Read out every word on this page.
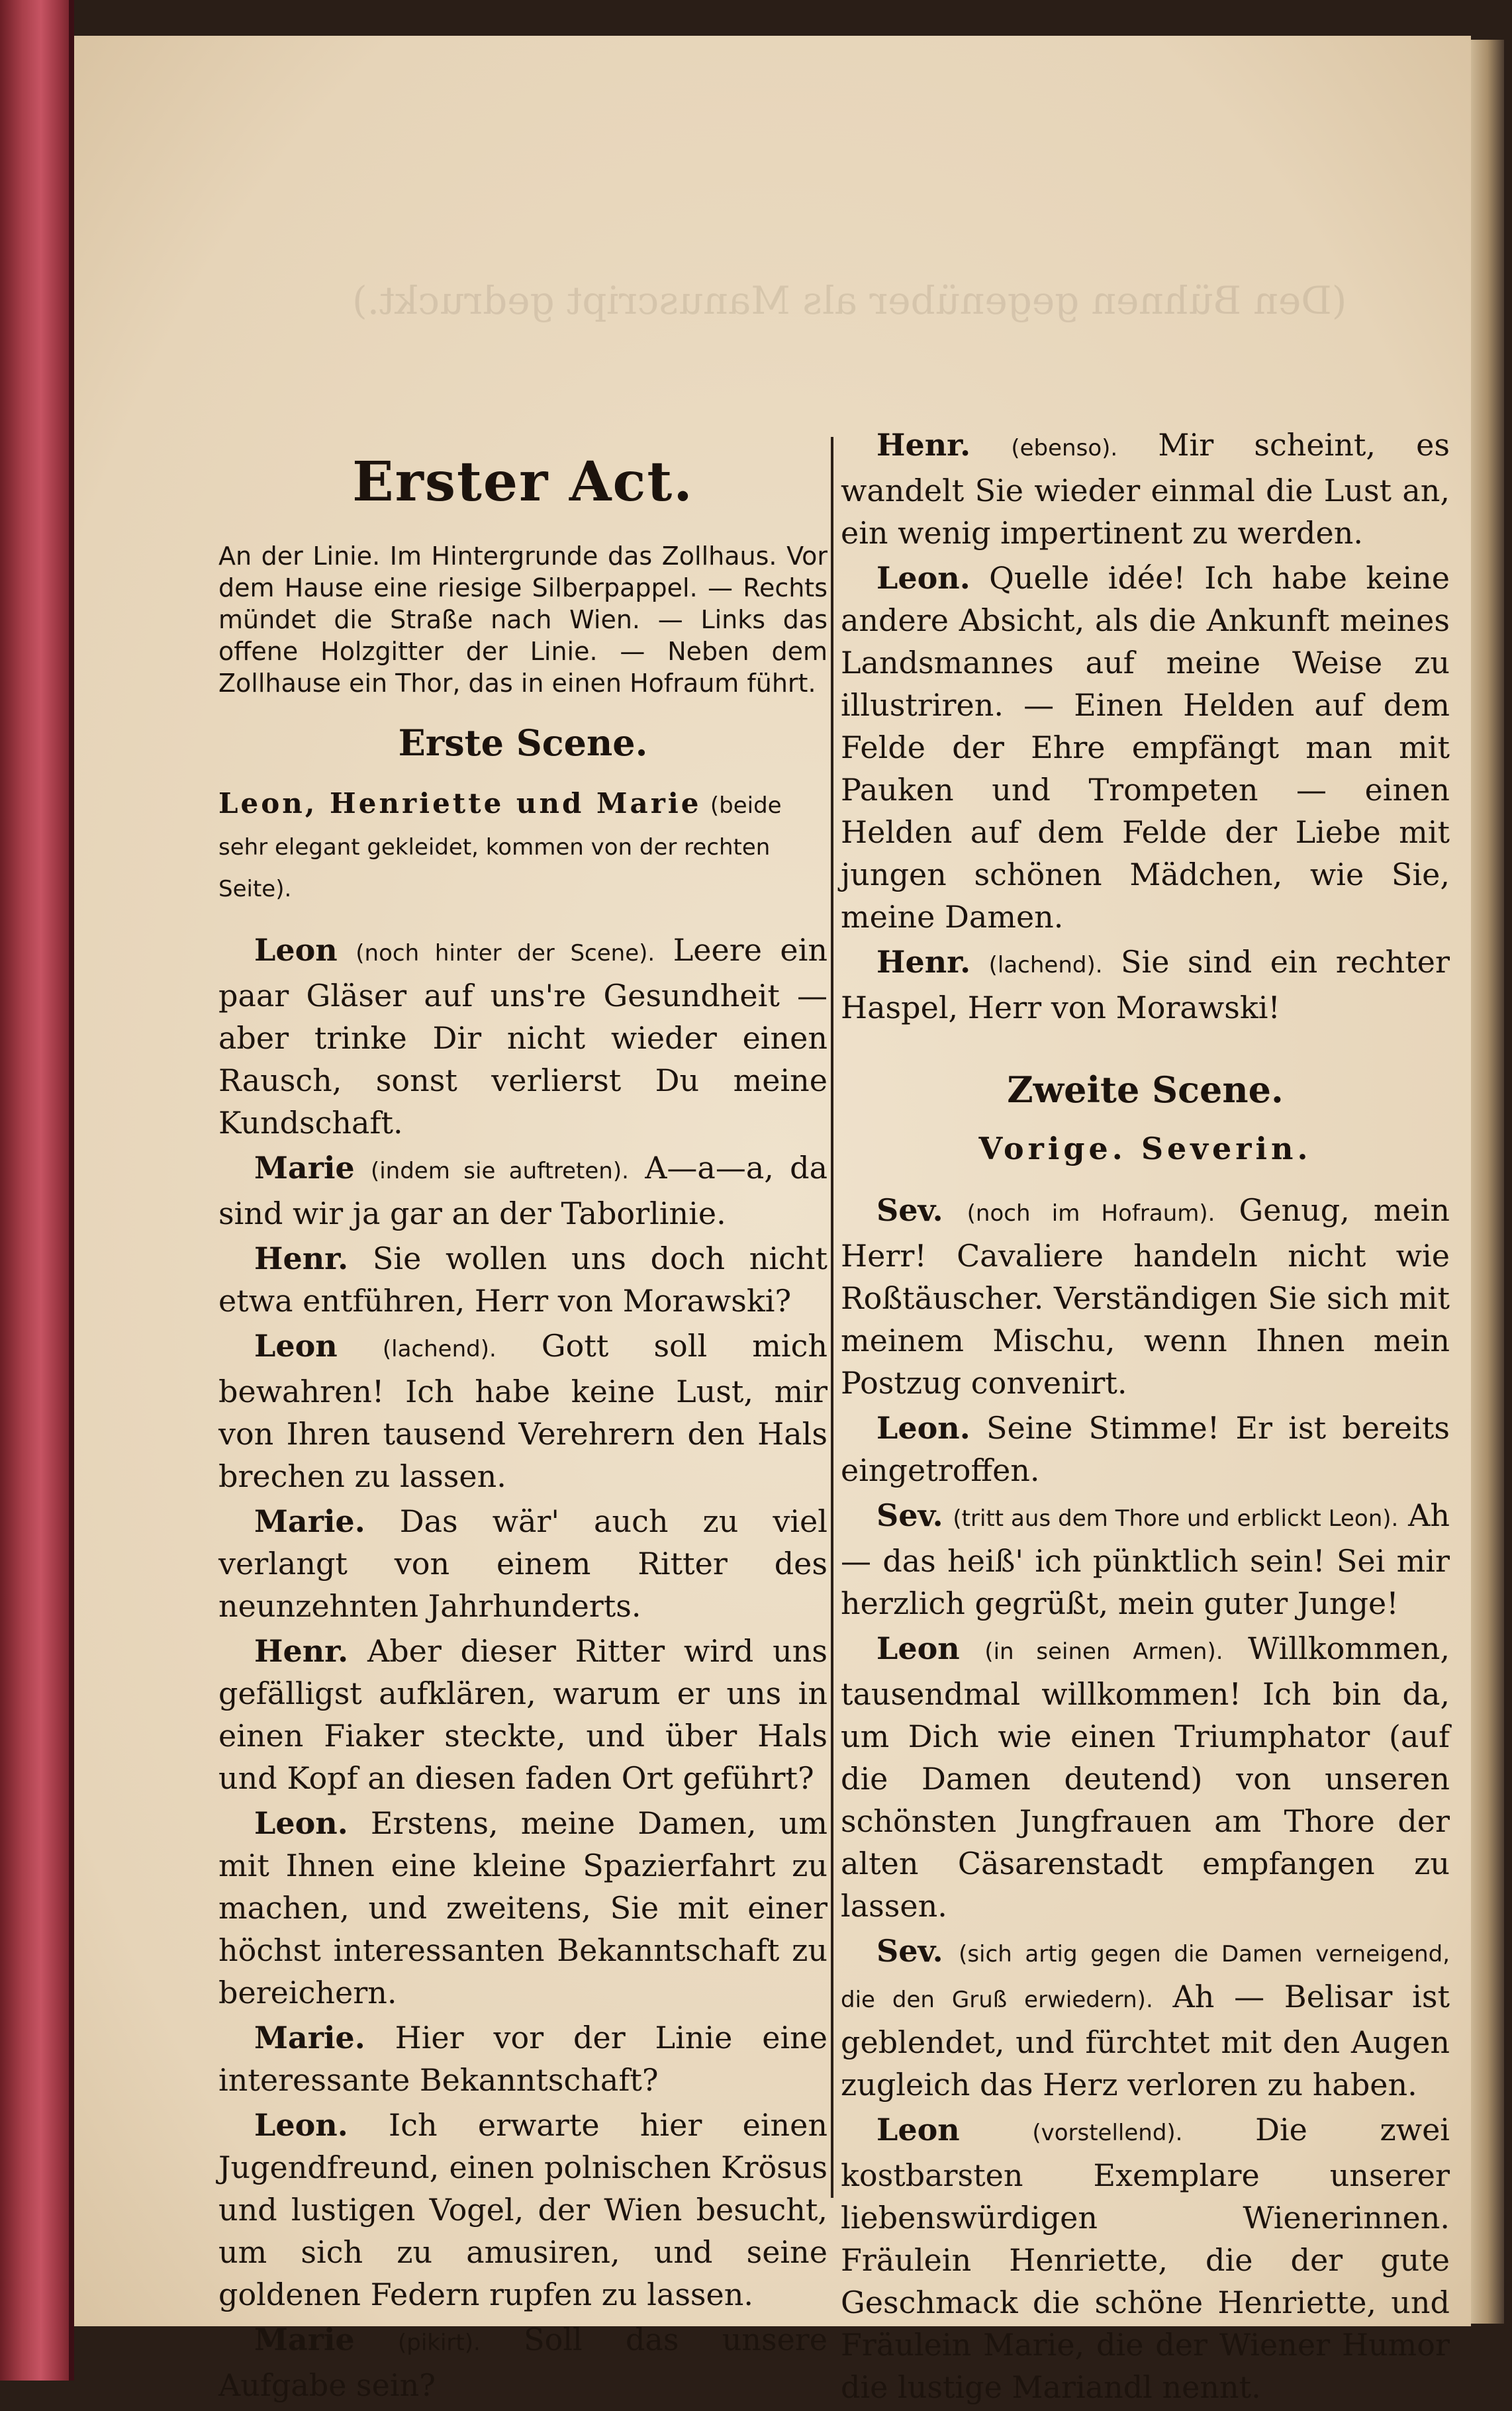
Erster Act.
An der Linie. Im Hintergrunde das Zollhaus. Vor dem Hause eine riesige Silberpappel. — Rechts mündet die Straße nach Wien. — Links das offene Holzgitter der Linie. — Neben dem Zollhause ein Thor, das in einen Hofraum führt.
Erste Scene.
Leon, Henriette und Marie (beide sehr elegant gekleidet, kommen von der rechten Seite).

Leon (noch hinter der Scene). Leere ein paar Gläser auf uns're Gesundheit — aber trinke Dir nicht wieder einen Rausch, sonst verlierst Du meine Kundschaft.

Marie (indem sie auftreten). A—a—a, da sind wir ja gar an der Taborlinie.

Henr. Sie wollen uns doch nicht etwa entführen, Herr von Morawski?

Leon (lachend). Gott soll mich bewahren! Ich habe keine Lust, mir von Ihren tausend Verehrern den Hals brechen zu lassen.

Marie. Das wär' auch zu viel verlangt von einem Ritter des neunzehnten Jahrhunderts.

Henr. Aber dieser Ritter wird uns gefälligst aufklären, warum er uns in einen Fiaker steckte, und über Hals und Kopf an diesen faden Ort geführt?

Leon. Erstens, meine Damen, um mit Ihnen eine kleine Spazierfahrt zu machen, und zweitens, Sie mit einer höchst interessanten Bekanntschaft zu bereichern.

Marie. Hier vor der Linie eine interessante Bekanntschaft?

Leon. Ich erwarte hier einen Jugendfreund, einen polnischen Krösus und lustigen Vogel, der Wien besucht, um sich zu amusiren, und seine goldenen Federn rupfen zu lassen.

Marie (pikirt). Soll das unsere Aufgabe sein?

Henr. (ebenso). Mir scheint, es wandelt Sie wieder einmal die Lust an, ein wenig impertinent zu werden.

Leon. Quelle idée! Ich habe keine andere Absicht, als die Ankunft meines Landsmannes auf meine Weise zu illustriren. — Einen Helden auf dem Felde der Ehre empfängt man mit Pauken und Trompeten — einen Helden auf dem Felde der Liebe mit jungen schönen Mädchen, wie Sie, meine Damen.

Henr. (lachend). Sie sind ein rechter Haspel, Herr von Morawski!

Zweite Scene.
Vorige. Severin.

Sev. (noch im Hofraum). Genug, mein Herr! Cavaliere handeln nicht wie Roßtäuscher. Verständigen Sie sich mit meinem Mischu, wenn Ihnen mein Postzug convenirt.

Leon. Seine Stimme! Er ist bereits eingetroffen.

Sev. (tritt aus dem Thore und erblickt Leon). Ah — das heiß' ich pünktlich sein! Sei mir herzlich gegrüßt, mein guter Junge!

Leon (in seinen Armen). Willkommen, tausendmal willkommen! Ich bin da, um Dich wie einen Triumphator (auf die Damen deutend) von unseren schönsten Jungfrauen am Thore der alten Cäsarenstadt empfangen zu lassen.

Sev. (sich artig gegen die Damen verneigend, die den Gruß erwiedern). Ah — Belisar ist geblendet, und fürchtet mit den Augen zugleich das Herz verloren zu haben.

Leon	(vorstellend). Die zwei kostbarsten Exemplare unserer liebenswürdigen Wienerinnen. Fräulein Henriette, die der gute Geschmack die schöne Henriette, und Fräulein Marie, die der Wiener Humor die lustige Mariandl nennt.
